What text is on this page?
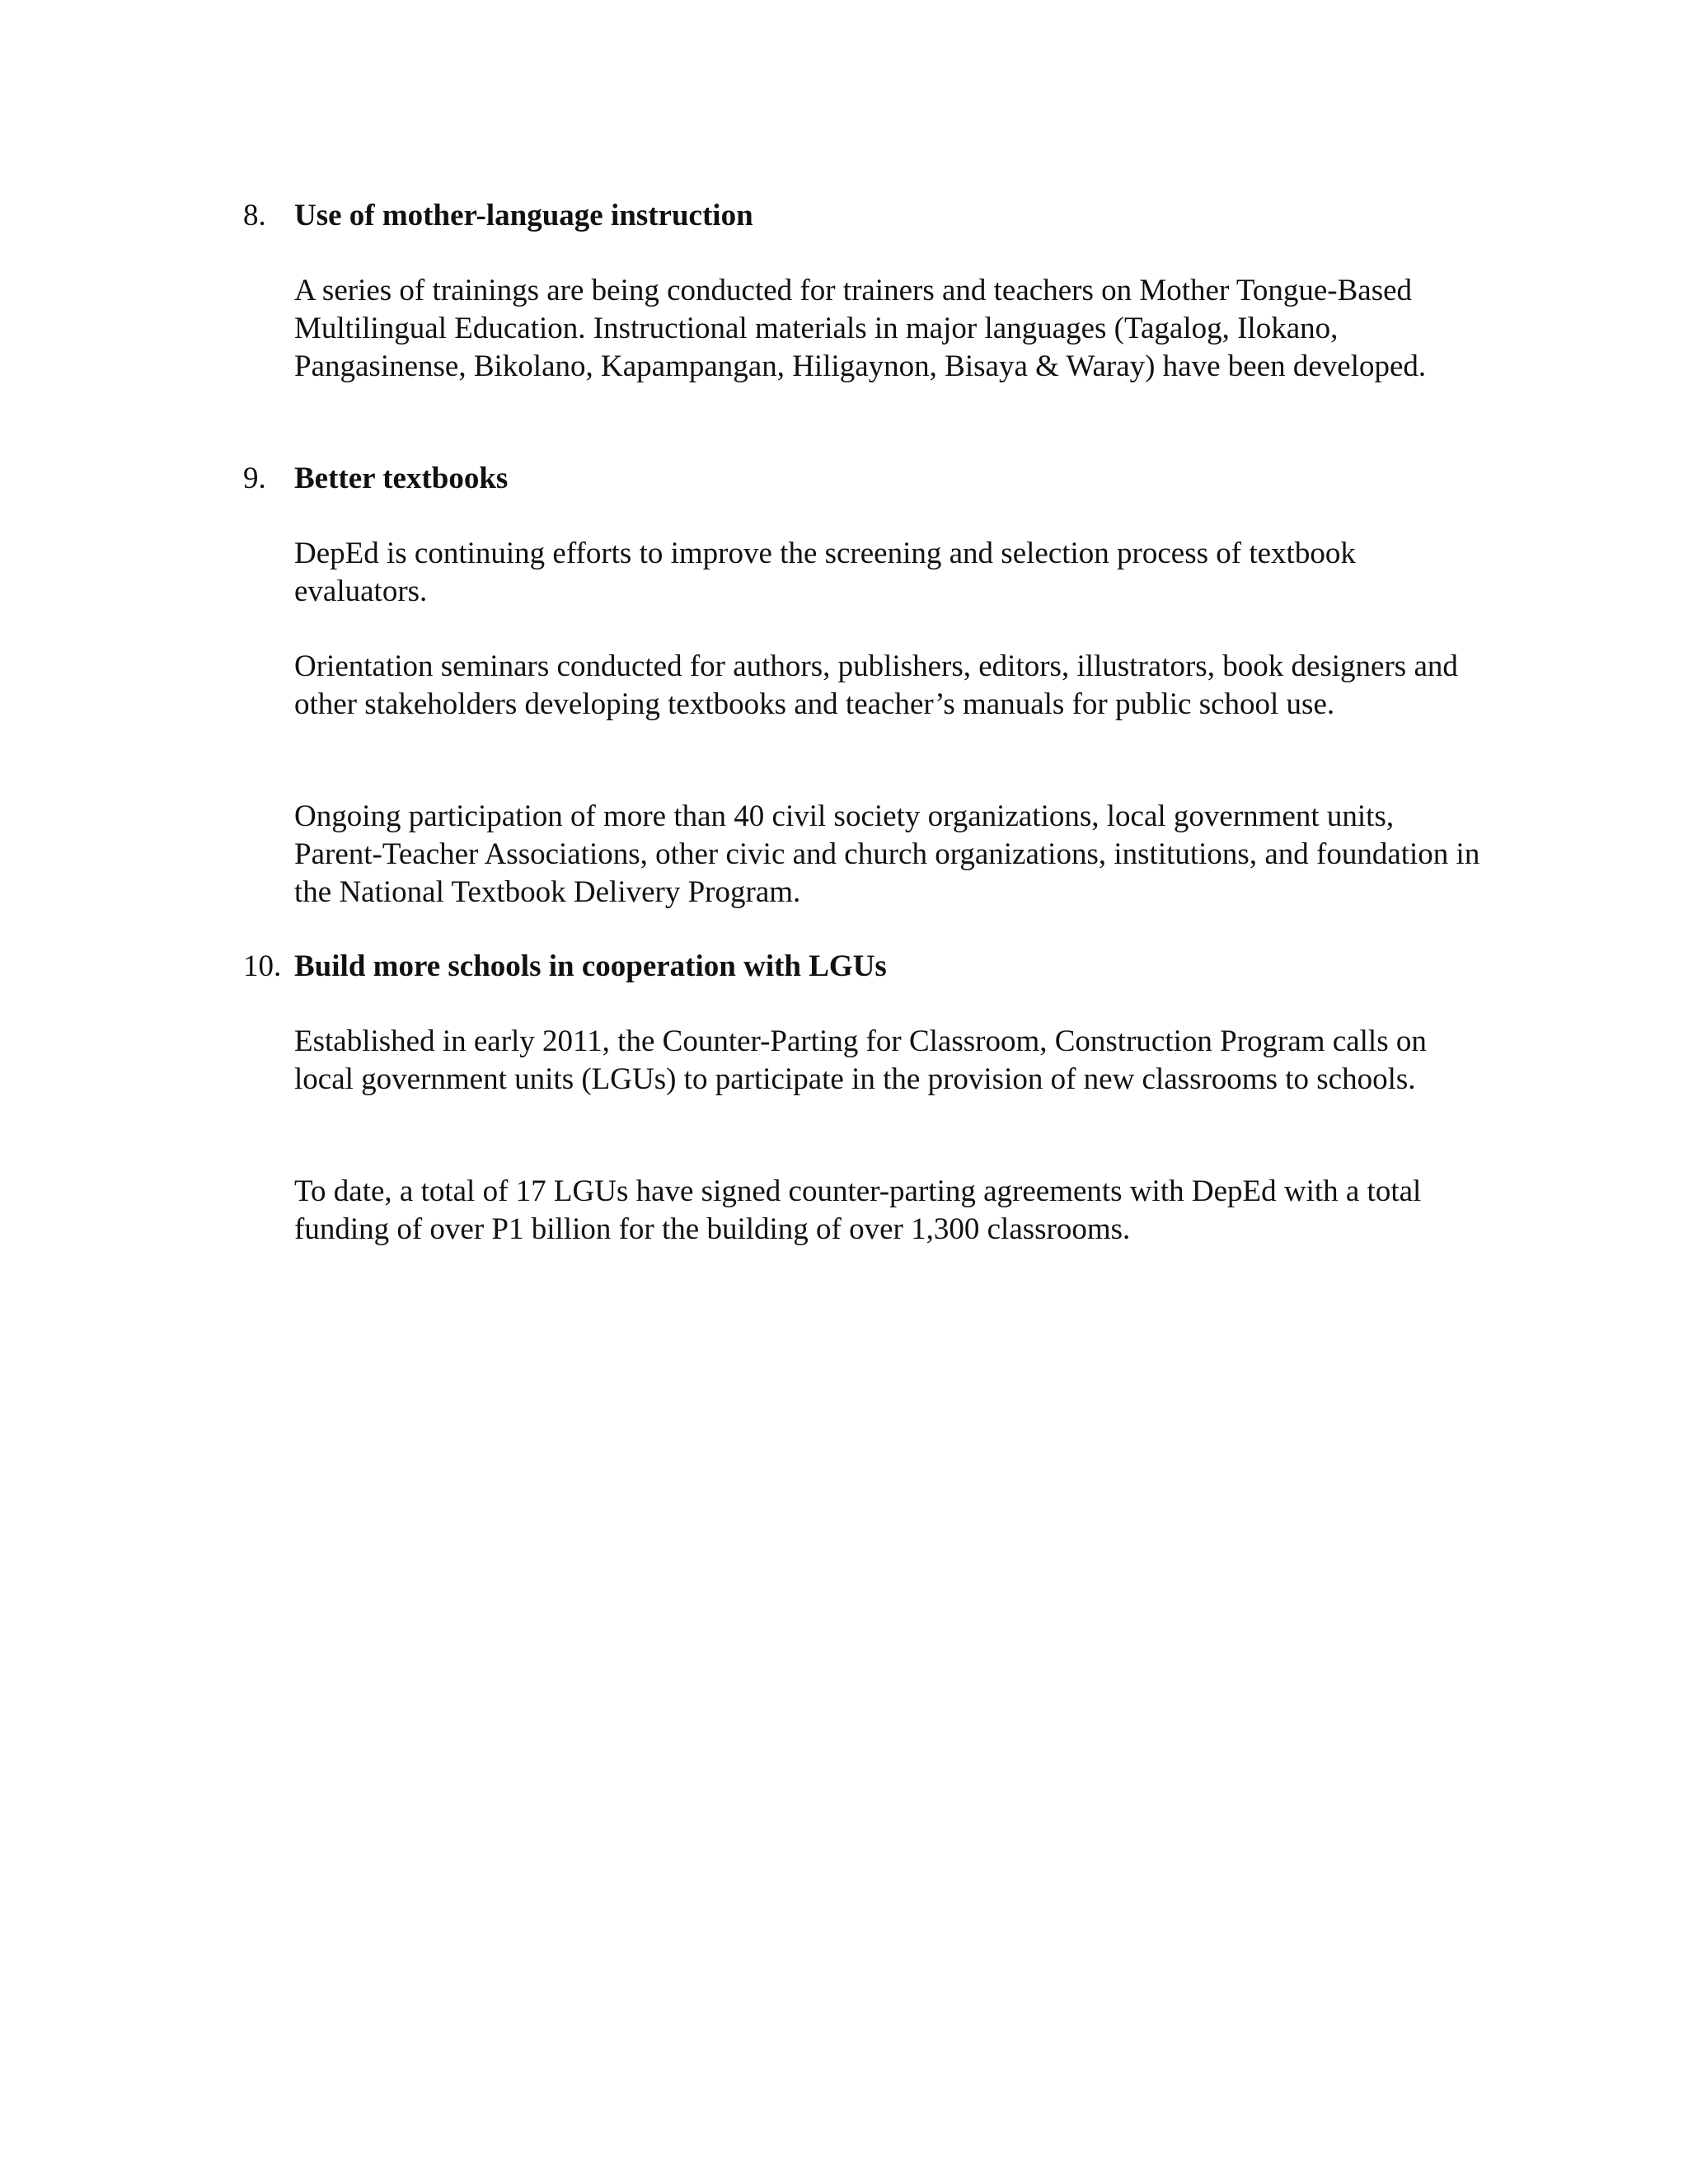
8. Use of mother-language instruction

A series of trainings are being conducted for trainers and teachers on Mother Tongue-Based Multilingual Education. Instructional materials in major languages (Tagalog, Ilokano, Pangasinense, Bikolano, Kapampangan, Hiligaynon, Bisaya & Waray) have been developed.

9. Better textbooks

DepEd is continuing efforts to improve the screening and selection process of textbook evaluators.

Orientation seminars conducted for authors, publishers, editors, illustrators, book designers and other stakeholders developing textbooks and teacher’s manuals for public school use.

Ongoing participation of more than 40 civil society organizations, local government units, Parent-Teacher Associations, other civic and church organizations, institutions, and foundation in the National Textbook Delivery Program.

10. Build more schools in cooperation with LGUs

Established in early 2011, the Counter-Parting for Classroom, Construction Program calls on local government units (LGUs) to participate in the provision of new classrooms to schools.

To date, a total of 17 LGUs have signed counter-parting agreements with DepEd with a total funding of over P1 billion for the building of over 1,300 classrooms.
